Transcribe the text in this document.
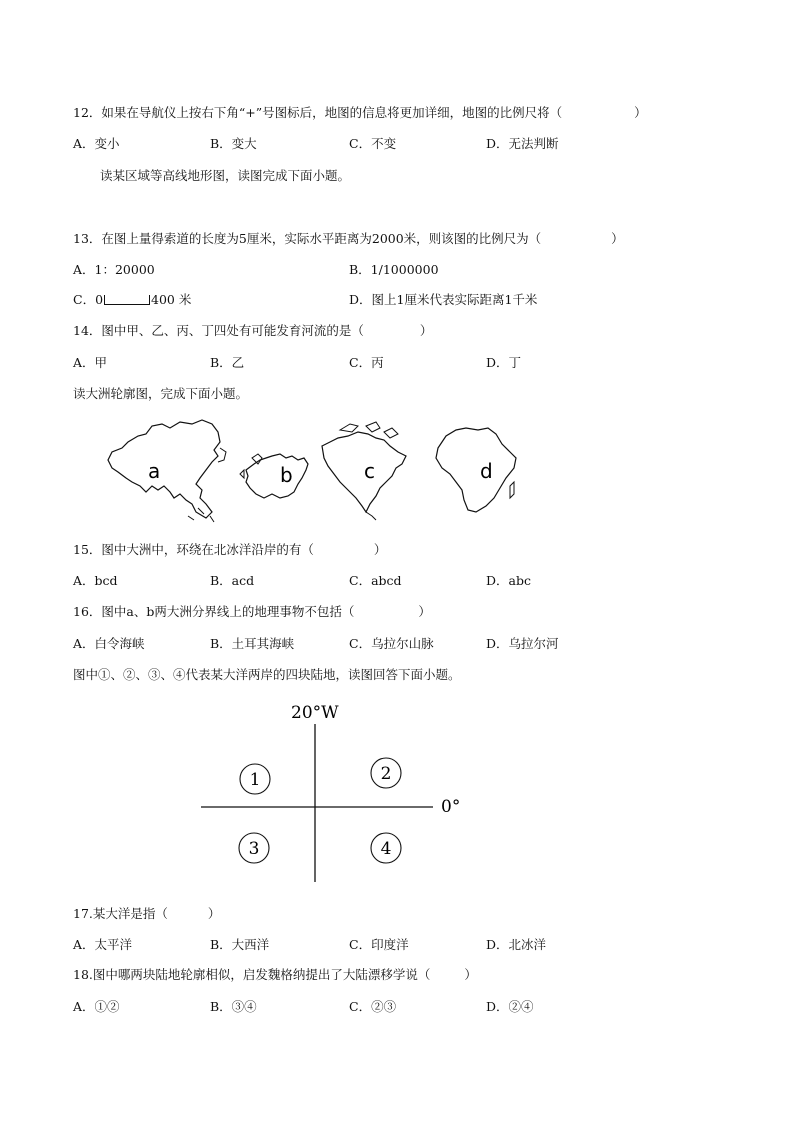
12．如果在导航仪上按右下角“+”号图标后，地图的信息将更加详细，地图的比例尺将（	）
A．变小	B．变大	C．不变	D．无法判断
读某区域等高线地形图，读图完成下面小题。
13．在图上量得索道的长度为5厘米，实际水平距离为2000米，则该图的比例尺为（	）
A．1：20000	B．1/1000000
C．0	400 米	D．图上1厘米代表实际距离1千米
14．图中甲、乙、丙、丁四处有可能发育河流的是（	）
A．甲	B．乙	C．丙	D．丁
读大洲轮廓图，完成下面小题。
a	b	c	d
15．图中大洲中，环绕在北冰洋沿岸的有（	）
A．bcd	B．acd	C．abcd	D．abc
16．图中a、b两大洲分界线上的地理事物不包括（	）
A．白令海峡	B．土耳其海峡	C．乌拉尔山脉	D．乌拉尔河
图中①、②、③、④代表某大洋两岸的四块陆地，读图回答下面小题。
20°W
0°
1	2
3	4
17.某大洋是指（	）
A．太平洋	B．大西洋	C．印度洋	D．北冰洋
18.图中哪两块陆地轮廓相似，启发魏格纳提出了大陆漂移学说（	）
A．①②	B．③④	C．②③	D．②④
